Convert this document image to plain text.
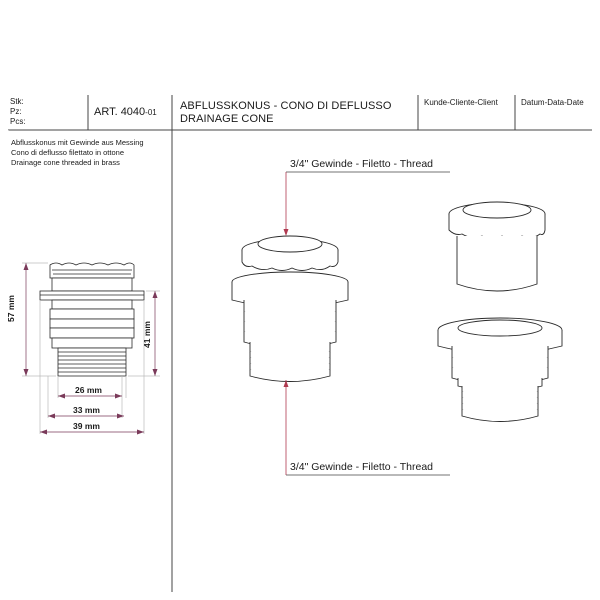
Stk:
Pz:
Pcs:
ART. 4040-01
ABFLUSSKONUS - CONO DI DEFLUSSO
DRAINAGE CONE
Kunde-Cliente-Client	Datum-Data-Date
Abflusskonus mit Gewinde aus Messing
Cono di deflusso filettato in ottone
Drainage cone threaded in brass
57 mm
41 mm
26 mm
33 mm
39 mm
3/4" Gewinde - Filetto - Thread
3/4" Gewinde - Filetto - Thread
